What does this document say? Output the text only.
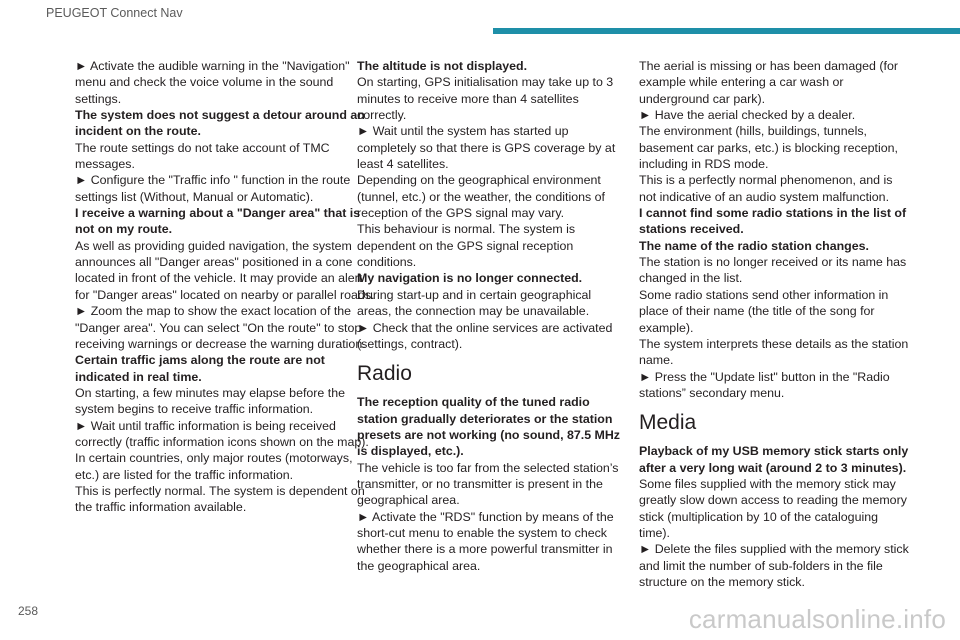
PEUGEOT Connect Nav

► Activate the audible warning in the "Navigation" menu and check the voice volume in the sound settings.

The system does not suggest a detour around an incident on the route.

The route settings do not take account of TMC messages.

► Configure the "Traffic info " function in the route settings list (Without, Manual or Automatic).

I receive a warning about a "Danger area" that is not on my route.

As well as providing guided navigation, the system announces all "Danger areas" positioned in a cone located in front of the vehicle. It may provide an alert for "Danger areas" located on nearby or parallel roads.

► Zoom the map to show the exact location of the "Danger area". You can select "On the route" to stop receiving warnings or decrease the warning duration.

Certain traffic jams along the route are not indicated in real time.

On starting, a few minutes may elapse before the system begins to receive traffic information.

► Wait until traffic information is being received correctly (traffic information icons shown on the map).

In certain countries, only major routes (motorways, etc.) are listed for the traffic information.

This is perfectly normal. The system is dependent on the traffic information available.

The altitude is not displayed.

On starting, GPS initialisation may take up to 3 minutes to receive more than 4 satellites correctly.

► Wait until the system has started up completely so that there is GPS coverage by at least 4 satellites.

Depending on the geographical environment (tunnel, etc.) or the weather, the conditions of reception of the GPS signal may vary.

This behaviour is normal. The system is dependent on the GPS signal reception conditions.

My navigation is no longer connected.

During start-up and in certain geographical areas, the connection may be unavailable.

► Check that the online services are activated (settings, contract).

Radio

The reception quality of the tuned radio station gradually deteriorates or the station presets are not working (no sound, 87.5 MHz is displayed, etc.).

The vehicle is too far from the selected station’s transmitter, or no transmitter is present in the geographical area.

► Activate the "RDS" function by means of the short-cut menu to enable the system to check whether there is a more powerful transmitter in the geographical area.

The aerial is missing or has been damaged (for example while entering a car wash or underground car park).

► Have the aerial checked by a dealer.

The environment (hills, buildings, tunnels, basement car parks, etc.) is blocking reception, including in RDS mode.

This is a perfectly normal phenomenon, and is not indicative of an audio system malfunction.

I cannot find some radio stations in the list of stations received.

The name of the radio station changes.

The station is no longer received or its name has changed in the list.

Some radio stations send other information in place of their name (the title of the song for example).

The system interprets these details as the station name.

► Press the "Update list" button in the "Radio stations” secondary menu.

Media

Playback of my USB memory stick starts only after a very long wait (around 2 to 3 minutes).

Some files supplied with the memory stick may greatly slow down access to reading the memory stick (multiplication by 10 of the cataloguing time).

► Delete the files supplied with the memory stick and limit the number of sub-folders in the file structure on the memory stick.

258	carmanualsonline.info
